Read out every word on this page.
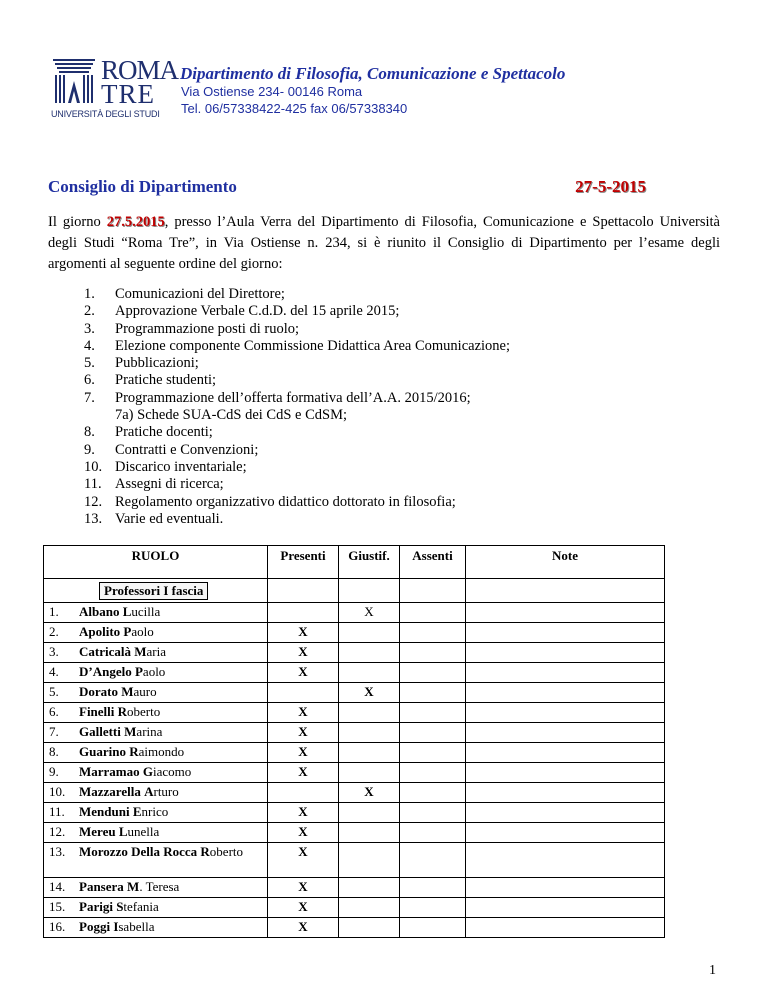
ROMA
TRE
UNIVERSITÀ DEGLI STUDI
Dipartimento di Filosofia, Comunicazione e Spettacolo
Via Ostiense 234- 00146 Roma
Tel. 06/57338422-425 fax 06/57338340
Consiglio di Dipartimento	27-5-2015
Il giorno 27.5.2015, presso l’Aula Verra del Dipartimento di Filosofia, Comunicazione e Spettacolo Università degli Studi “Roma Tre”, in Via Ostiense n. 234, si è riunito il Consiglio di Dipartimento per l’esame degli argomenti al seguente ordine del giorno:
1.	Comunicazioni del Direttore;
2.	Approvazione Verbale C.d.D. del 15 aprile 2015;
3.	Programmazione posti di ruolo;
4.	Elezione componente Commissione Didattica Area Comunicazione;
5.	Pubblicazioni;
6.	Pratiche studenti;
7.	Programmazione dell’offerta formativa dell’A.A. 2015/2016;
7a) Schede SUA-CdS dei CdS e CdSM;
8.	Pratiche docenti;
9.	Contratti e Convenzioni;
10. Discarico inventariale;
11. Assegni di ricerca;
12. Regolamento organizzativo didattico dottorato in filosofia;
13. Varie ed eventuali.
RUOLO	Presenti	Giustif.	Assenti	Note
Professori I fascia				

1. Albano Lucilla		X		

2. Apolito Paolo	X			

3. Catricalà Maria	X			

4. D’Angelo Paolo	X			

5. Dorato Mauro		X		

6. Finelli Roberto	X			

7. Galletti Marina	X			

8. Guarino Raimondo	X			

9. Marramao Giacomo	X			

10. Mazzarella Arturo		X		

11. Menduni Enrico	X			

12. Mereu Lunella	X			

13. Morozzo Della Rocca Roberto	X			

14. Pansera M. Teresa	X			

15. Parigi Stefania	X			

16. Poggi Isabella	X			
1
